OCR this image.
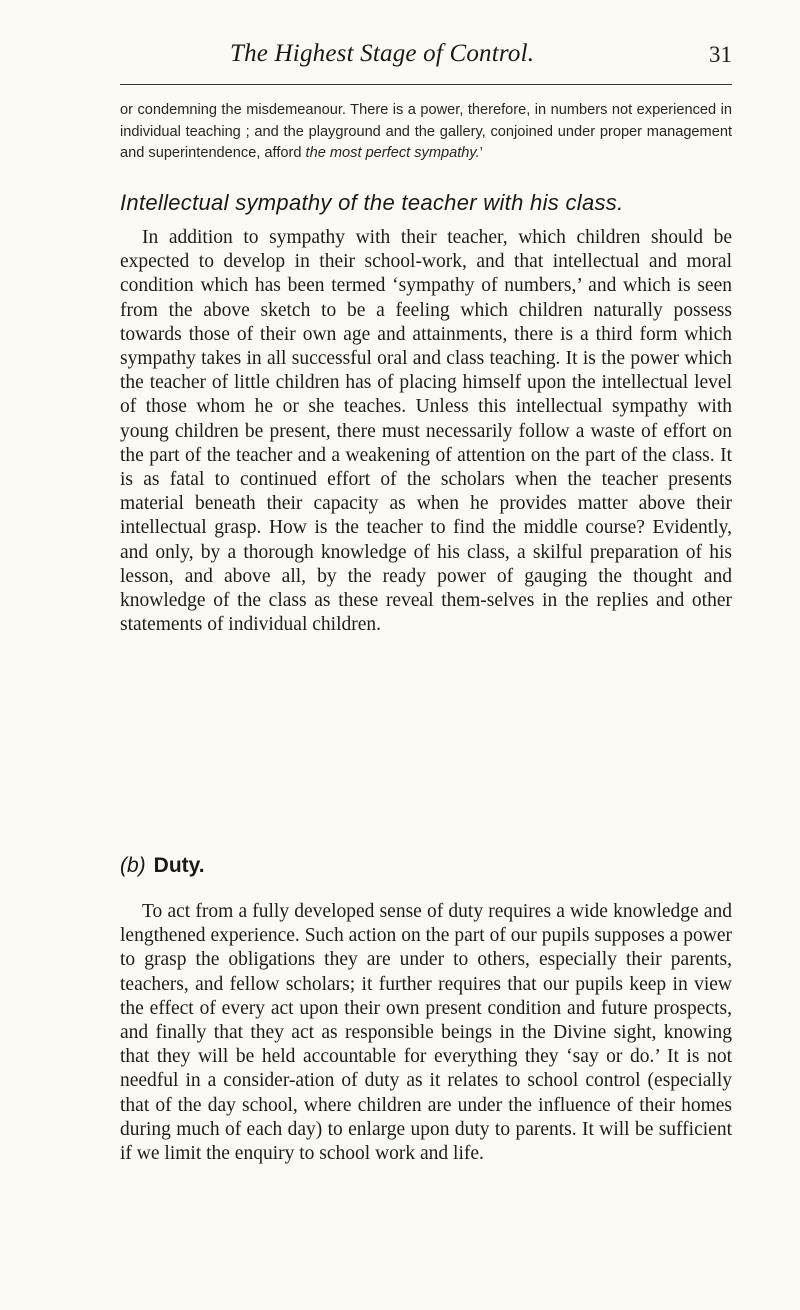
The Highest Stage of Control.	31

or condemning the misdemeanour. There is a power, therefore, in numbers not experienced in individual teaching ; and the playground and the gallery, conjoined under proper management and superintendence, afford the most perfect sympathy.’

Intellectual sympathy of the teacher with his class.

In addition to sympathy with their teacher, which children should be expected to develop in their school-work, and that intellectual and moral condition which has been termed ‘sympathy of numbers,’ and which is seen from the above sketch to be a feeling which children naturally possess towards those of their own age and attainments, there is a third form which sympathy takes in all successful oral and class teaching. It is the power which the teacher of little children has of placing himself upon the intellectual level of those whom he or she teaches. Unless this intellectual sympathy with young children be present, there must necessarily follow a waste of effort on the part of the teacher and a weakening of attention on the part of the class. It is as fatal to continued effort of the scholars when the teacher presents material beneath their capacity as when he provides matter above their intellectual grasp. How is the teacher to find the middle course? Evidently, and only, by a thorough knowledge of his class, a skilful preparation of his lesson, and above all, by the ready power of gauging the thought and knowledge of the class as these reveal them-selves in the replies and other statements of individual children.

(b) Duty.

To act from a fully developed sense of duty requires a wide knowledge and lengthened experience. Such action on the part of our pupils supposes a power to grasp the obligations they are under to others, especially their parents, teachers, and fellow scholars; it further requires that our pupils keep in view the effect of every act upon their own present condition and future prospects, and finally that they act as responsible beings in the Divine sight, knowing that they will be held accountable for everything they ‘say or do.’ It is not needful in a consider-ation of duty as it relates to school control (especially that of the day school, where children are under the influence of their homes during much of each day) to enlarge upon duty to parents. It will be sufficient if we limit the enquiry to school work and life.
